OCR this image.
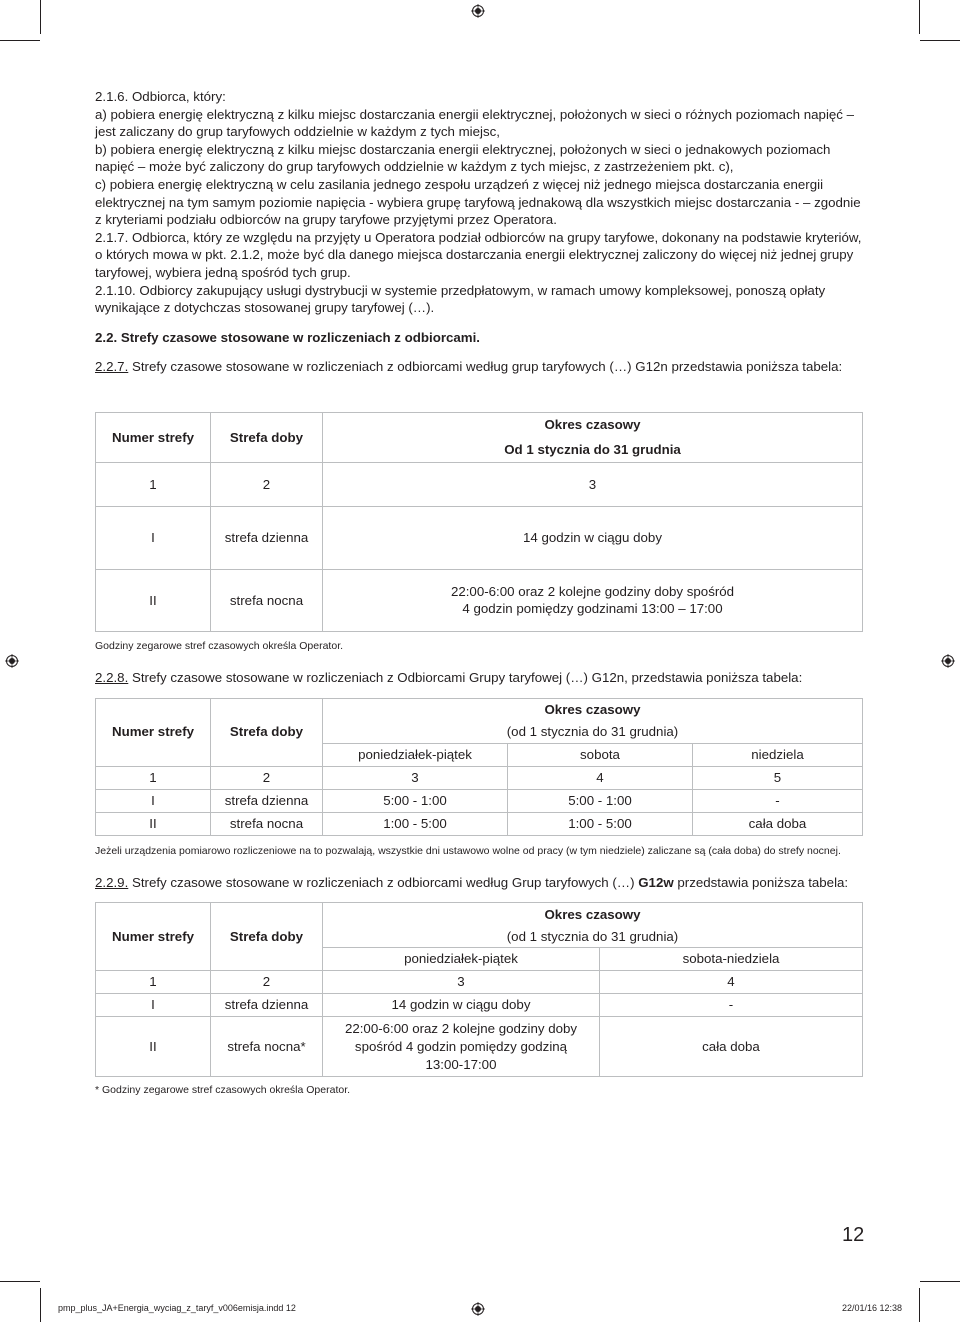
2.1.6. Odbiorca, który:

a) pobiera energię elektryczną z kilku miejsc dostarczania energii elektrycznej, położonych w sieci o różnych poziomach napięć – jest zaliczany do grup taryfowych oddzielnie w każdym z tych miejsc,

b) pobiera energię elektryczną z kilku miejsc dostarczania energii elektrycznej, położonych w sieci o jednakowych poziomach napięć – może być zaliczony do grup taryfowych oddzielnie w każdym z tych miejsc, z zastrzeżeniem pkt. c),

c) pobiera energię elektryczną w celu zasilania jednego zespołu urządzeń z więcej niż jednego miejsca dostarczania energii elektrycznej na tym samym poziomie napięcia - wybiera grupę taryfową jednakową dla wszystkich miejsc dostarczania - – zgodnie z kryteriami podziału odbiorców na grupy taryfowe przyjętymi przez Operatora.

2.1.7. Odbiorca, który ze względu na przyjęty u Operatora podział odbiorców na grupy taryfowe, dokonany na podstawie kryteriów, o których mowa w pkt. 2.1.2, może być dla danego miejsca dostarczania energii elektrycznej zaliczony do więcej niż jednej grupy taryfowej, wybiera jedną spośród tych grup.

2.1.10. Odbiorcy zakupujący usługi dystrybucji w systemie przedpłatowym, w ramach umowy kompleksowej, ponoszą opłaty wynikające z dotychczas stosowanej grupy taryfowej (…).

2.2. Strefy czasowe stosowane w rozliczeniach z odbiorcami.

2.2.7. Strefy czasowe stosowane w rozliczeniach z odbiorcami według grup taryfowych (…) G12n przedstawia poniższa tabela:

Numer strefy	Strefa doby	Okres czasowy
		Od 1 stycznia do 31 grudnia
1	2	3
I	strefa dzienna	14 godzin w ciągu doby
II	strefa nocna	22:00-6:00 oraz 2 kolejne godziny doby spośród
4 godzin pomiędzy godzinami 13:00 – 17:00

Godziny zegarowe stref czasowych określa Operator.

2.2.8. Strefy czasowe stosowane w rozliczeniach z Odbiorcami Grupy taryfowej (…) G12n, przedstawia poniższa tabela:

Numer strefy	Strefa doby	Okres czasowy		
		(od 1 stycznia do 31 grudnia)		
		poniedziałek-piątek	sobota	niedziela
1	2	3	4	5
I	strefa dzienna	5:00 - 1:00	5:00 - 1:00	-
II	strefa nocna	1:00 - 5:00	1:00 - 5:00	cała doba

Jeżeli urządzenia pomiarowo rozliczeniowe na to pozwalają, wszystkie dni ustawowo wolne od pracy (w tym niedziele) zaliczane są (cała doba) do strefy nocnej.

2.2.9. Strefy czasowe stosowane w rozliczeniach z odbiorcami według Grup taryfowych (…) G12w przedstawia poniższa tabela:

Numer strefy	Strefa doby	Okres czasowy	
		(od 1 stycznia do 31 grudnia)	
		poniedziałek-piątek	sobota-niedziela
1	2	3	4
I	strefa dzienna	14 godzin w ciągu doby	-
II	strefa nocna*	22:00-6:00 oraz 2 kolejne godziny doby
spośród 4 godzin pomiędzy godziną
13:00-17:00	cała doba

* Godziny zegarowe stref czasowych określa Operator.

12
pmp_plus_JA+Energia_wyciag_z_taryf_v006emisja.indd 12	22/01/16 12:38
